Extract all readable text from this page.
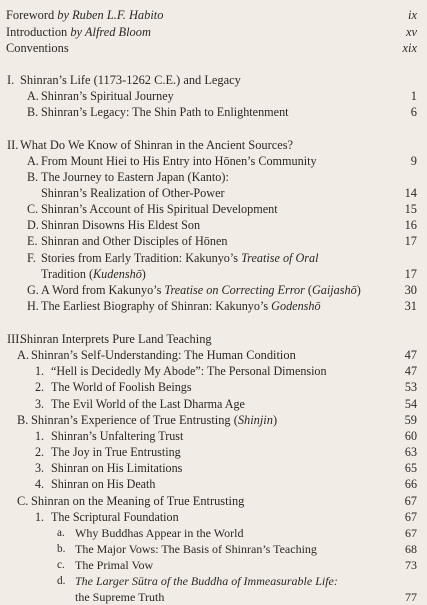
Foreword by Ruben L.F. Habito	ix
Introduction by Alfred Bloom	xv
Conventions	xix
I. Shinran’s Life (1173-1262 C.E.) and Legacy
A. Shinran’s Spiritual Journey	1
B. Shinran’s Legacy: The Shin Path to Enlightenment	6
II. What Do We Know of Shinran in the Ancient Sources?
A. From Mount Hiei to His Entry into Hōnen’s Community	9
B. The Journey to Eastern Japan (Kanto):
Shinran’s Realization of Other-Power	14
C. Shinran’s Account of His Spiritual Development	15
D. Shinran Disowns His Eldest Son	16
E. Shinran and Other Disciples of Hōnen	17
F. Stories from Early Tradition: Kakunyo’s Treatise of Oral
Tradition (Kudenshō)	17
G. A Word from Kakunyo’s Treatise on Correcting Error (Gaijashō)	30
H. The Earliest Biography of Shinran: Kakunyo’s Godenshō	31
III.
Shinran Interprets Pure Land Teaching
A. Shinran’s Self-Understanding: The Human Condition	47
1. “Hell is Decidedly My Abode”: The Personal Dimension	47
2. The World of Foolish Beings	53
3. The Evil World of the Last Dharma Age	54
B. Shinran’s Experience of True Entrusting (Shinjin)	59
1. Shinran’s Unfaltering Trust	60
2. The Joy in True Entrusting	63
3. Shinran on His Limitations	65
4. Shinran on His Death	66
C. Shinran on the Meaning of True Entrusting	67
1. The Scriptural Foundation	67
a. Why Buddhas Appear in the World	67
b. The Major Vows: The Basis of Shinran’s Teaching	68
c. The Primal Vow	73
d. The Larger Sūtra of the Buddha of Immeasurable Life:
the Supreme Truth	77
